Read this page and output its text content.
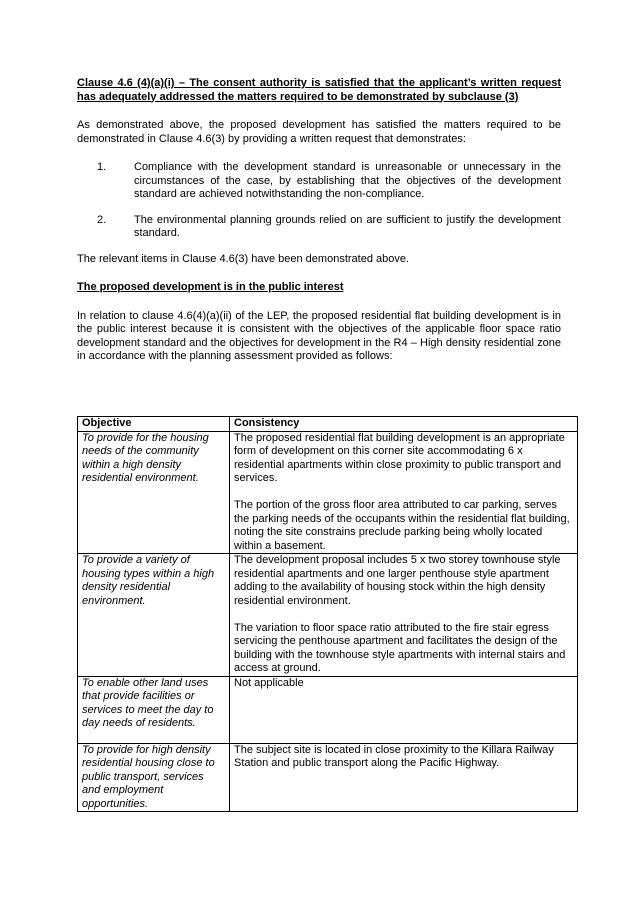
Clause 4.6 (4)(a)(i) – The consent authority is satisfied that the applicant’s written request has adequately addressed the matters required to be demonstrated by subclause (3)

As demonstrated above, the proposed development has satisfied the matters required to be demonstrated in Clause 4.6(3) by providing a written request that demonstrates:

1.	Compliance with the development standard is unreasonable or unnecessary in the circumstances of the case, by establishing that the objectives of the development standard are achieved notwithstanding the non-compliance.
2.	The environmental planning grounds relied on are sufficient to justify the development standard.

The relevant items in Clause 4.6(3) have been demonstrated above.

The proposed development is in the public interest

In relation to clause 4.6(4)(a)(ii) of the LEP, the proposed residential flat building development is in the public interest because it is consistent with the objectives of the applicable floor space ratio development standard and the objectives for development in the R4 – High density residential zone in accordance with the planning assessment provided as follows:

Objective	Consistency
To provide for the housing needs of the community within a high density residential environment.	The proposed residential flat building development is an appropriate form of development on this corner site accommodating 6 x residential apartments within close proximity to public transport and services.

The portion of the gross floor area attributed to car parking, serves the parking needs of the occupants within the residential flat building, noting the site constrains preclude parking being wholly located within a basement.

To provide a variety of housing types within a high density residential environment.	The development proposal includes 5 x two storey townhouse style residential apartments and one larger penthouse style apartment adding to the availability of housing stock within the high density residential environment.

The variation to floor space ratio attributed to the fire stair egress servicing the penthouse apartment and facilitates the design of the building with the townhouse style apartments with internal stairs and access at ground.

To enable other land uses that provide facilities or services to meet the day to day needs of residents.	Not applicable

To provide for high density residential housing close to public transport, services and employment opportunities.	The subject site is located in close proximity to the Killara Railway Station and public transport along the Pacific Highway.
